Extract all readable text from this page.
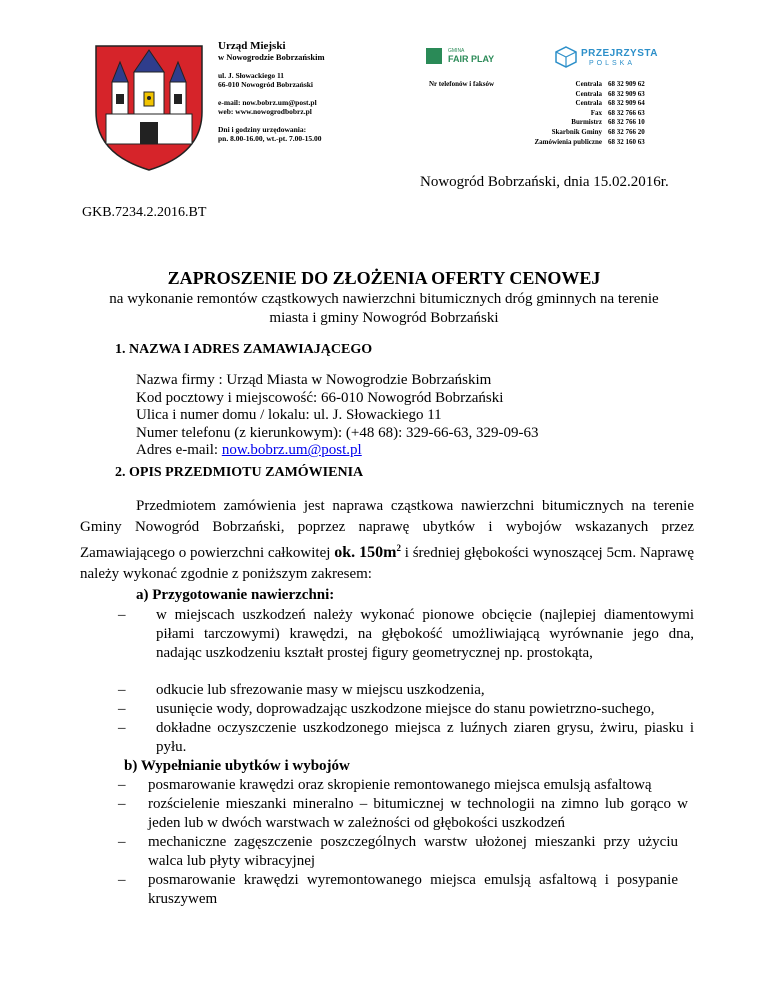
Urząd Miejski
w Nowogrodzie Bobrzańskim
ul. J. Słowackiego 11
66-010 Nowogród Bobrzański
e-mail: now.bobrz.um@post.pl
web: www.nowogrodbobrz.pl
Dni i godziny urzędowania:
pn. 8.00-16.00, wt.-pt. 7.00-15.00
GMINA
FAIR PLAY	PRZEJRZYSTA
POLSKA
Nr telefonów i faksów	Centrala 68 32 909 62
Centrala 68 32 909 63
Centrala 68 32 909 64
Fax 68 32 766 63
Burmistrz 68 32 766 10
Skarbnik Gminy 68 32 766 20
Zamówienia publiczne 68 32 160 63
Nowogród Bobrzański, dnia 15.02.2016r.
GKB.7234.2.2016.BT
ZAPROSZENIE DO ZŁOŻENIA OFERTY CENOWEJ
na wykonanie remontów cząstkowych nawierzchni bitumicznych dróg gminnych na terenie
miasta i gminy Nowogród Bobrzański
1. NAZWA I ADRES ZAMAWIAJĄCEGO
Nazwa firmy : Urząd Miasta w Nowogrodzie Bobrzańskim
Kod pocztowy i miejscowość: 66-010 Nowogród Bobrzański
Ulica i numer domu / lokalu: ul. J. Słowackiego 11
Numer telefonu (z kierunkowym): (+48 68): 329-66-63, 329-09-63
Adres e-mail: now.bobrz.um@post.pl
2. OPIS PRZEDMIOTU ZAMÓWIENIA
Przedmiotem zamówienia jest naprawa cząstkowa nawierzchni bitumicznych na terenie Gminy Nowogród Bobrzański, poprzez naprawę ubytków i wybojów wskazanych przez Zamawiającego o powierzchni całkowitej ok. $150m^2$ i średniej głębokości wynoszącej 5cm. Naprawę należy wykonać zgodnie z poniższym zakresem:
a) Przygotowanie nawierzchni:
– w miejscach uszkodzeń należy wykonać pionowe obcięcie (najlepiej diamentowymi piłami tarczowymi) krawędzi, na głębokość umożliwiającą wyrównanie jego dna, nadając uszkodzeniu kształt prostej figury geometrycznej np. prostokąta,
– odkucie lub sfrezowanie masy w miejscu uszkodzenia,
– usunięcie wody, doprowadzając uszkodzone miejsce do stanu powietrzno-suchego,
– dokładne oczyszczenie uszkodzonego miejsca z luźnych ziaren grysu, żwiru, piasku i pyłu.
b) Wypełnianie ubytków i wybojów
– posmarowanie krawędzi oraz skropienie remontowanego miejsca emulsją asfaltową
– rozścielenie mieszanki mineralno – bitumicznej w technologii na zimno lub gorąco w jeden lub w dwóch warstwach w zależności od głębokości uszkodzeń
– mechaniczne zagęszczenie poszczególnych warstw ułożonej mieszanki przy użyciu walca lub płyty wibracyjnej
– posmarowanie krawędzi wyremontowanego miejsca emulsją asfaltową i posypanie kruszywem
